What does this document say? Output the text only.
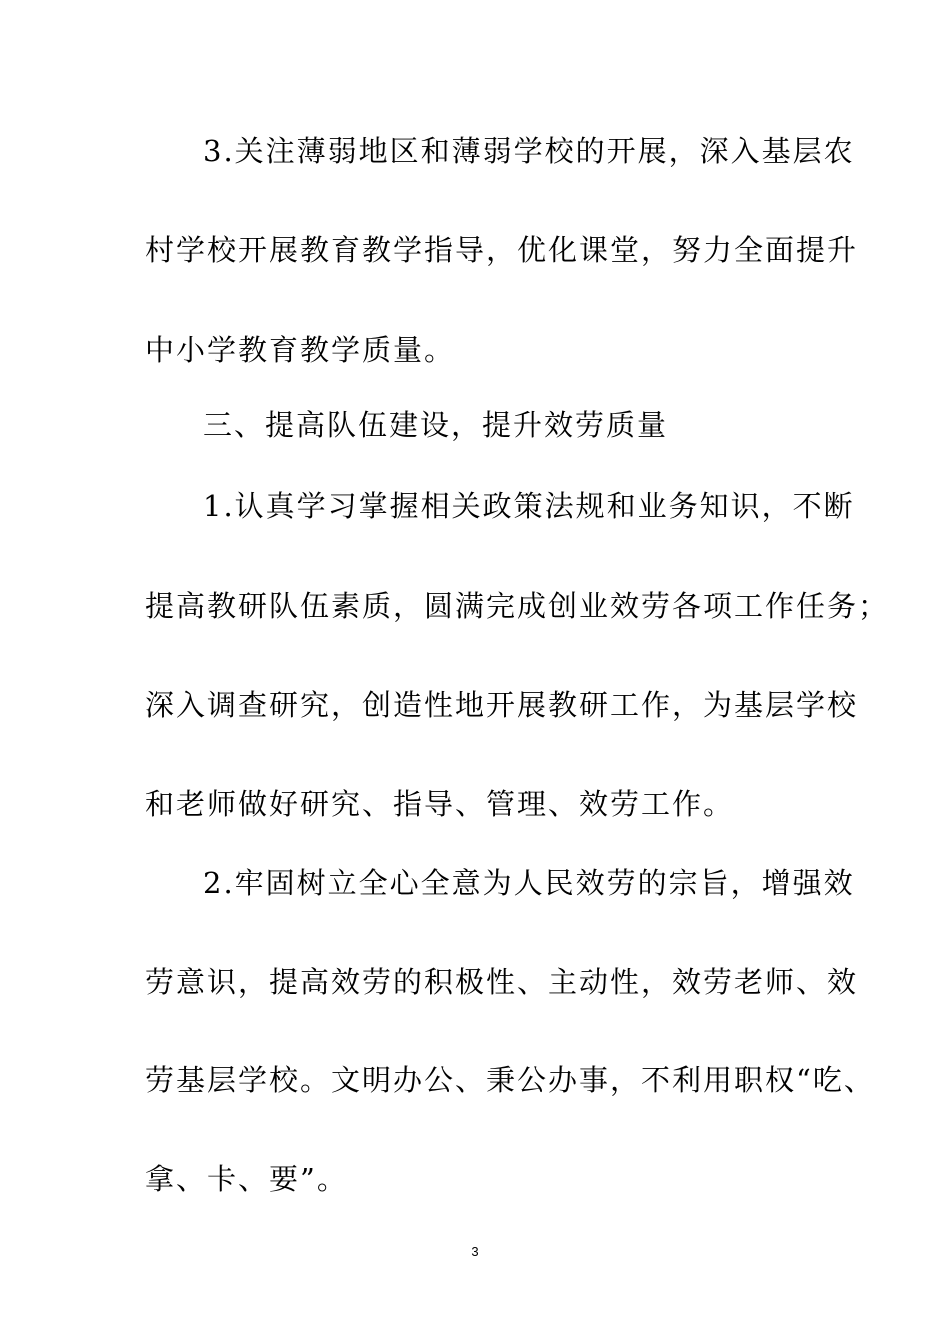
3.关注薄弱地区和薄弱学校的开展，深入基层农
村学校开展教育教学指导，优化课堂，努力全面提升
中小学教育教学质量。
三、提高队伍建设，提升效劳质量
1.认真学习掌握相关政策法规和业务知识，不断
提高教研队伍素质，圆满完成创业效劳各项工作任务；
深入调查研究，创造性地开展教研工作，为基层学校
和老师做好研究、指导、管理、效劳工作。
2.牢固树立全心全意为人民效劳的宗旨，增强效
劳意识，提高效劳的积极性、主动性，效劳老师、效
劳基层学校。文明办公、秉公办事，不利用职权“吃、
拿、卡、要”。
3
